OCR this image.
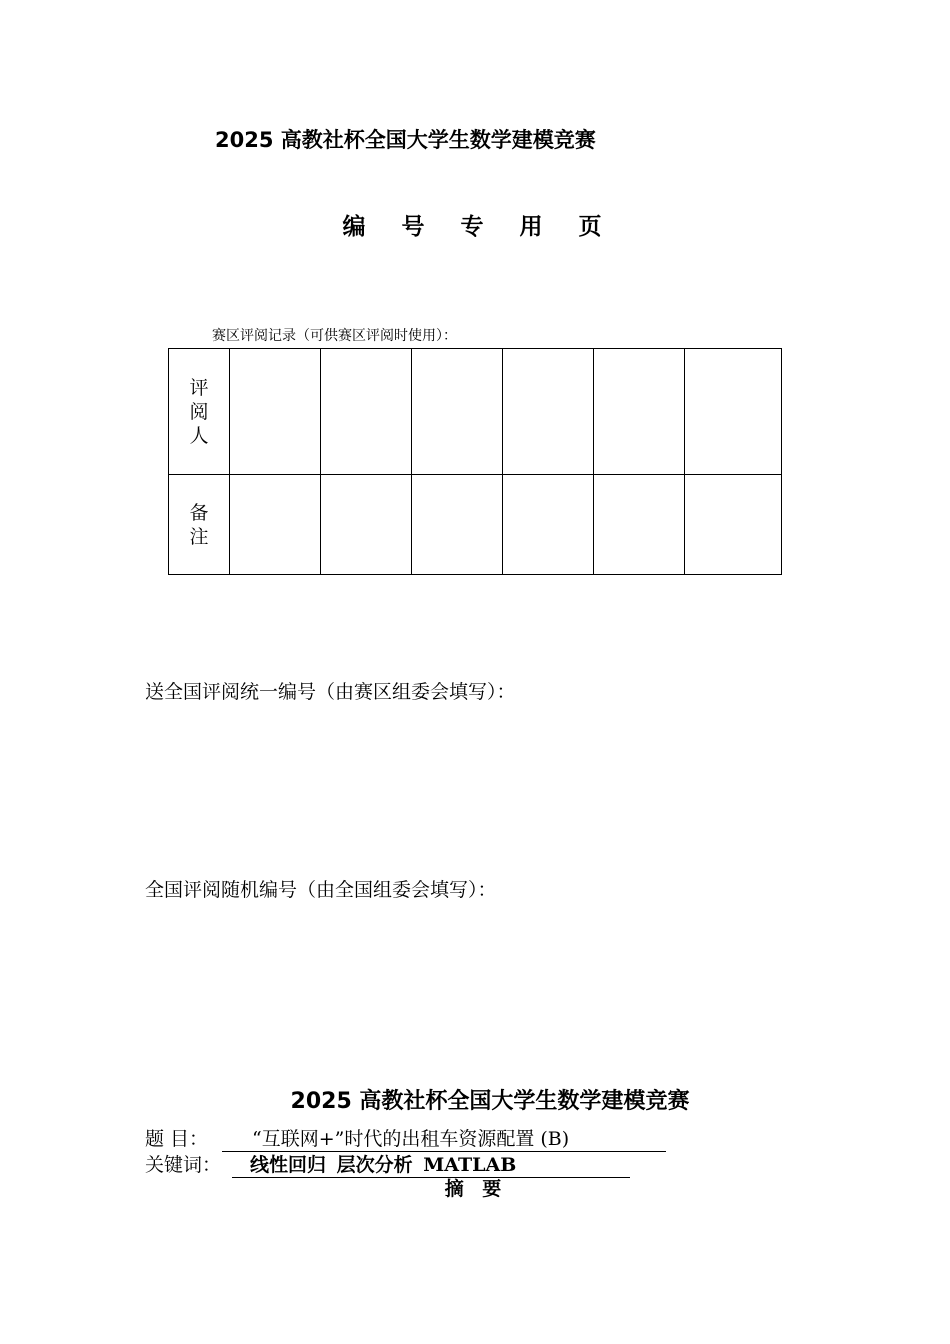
2025 高教社杯全国大学生数学建模竞赛
编 号 专 用 页
赛区评阅记录（可供赛区评阅时使用）：
评阅人						
备注						
送全国评阅统一编号（由赛区组委会填写）：
全国评阅随机编号（由全国组委会填写）：
2025 高教社杯全国大学生数学建模竞赛
题 目：	“互联网+”时代的出租车资源配置 (B)
关键词：	线性回归 层次分析 MATLAB
摘 要
